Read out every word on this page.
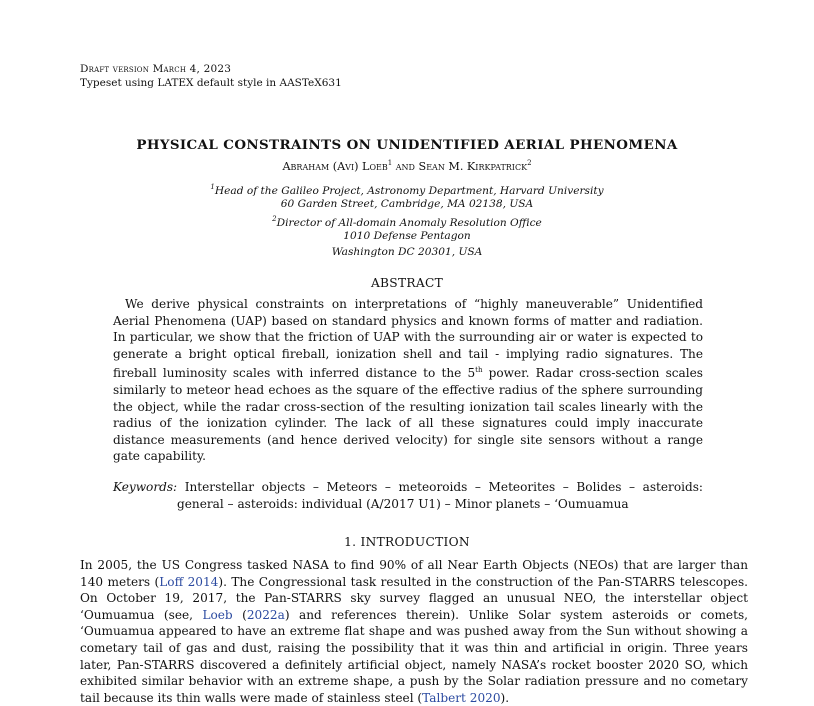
Draft version March 4, 2023
Typeset using LATEX default style in AASTeX631
PHYSICAL CONSTRAINTS ON UNIDENTIFIED AERIAL PHENOMENA
Abraham (Avi) Loeb$^1$ and Sean M. Kirkpatrick$^2$
$^1$Head of the Galileo Project, Astronomy Department, Harvard University
60 Garden Street, Cambridge, MA 02138, USA
$^2$Director of All-domain Anomaly Resolution Office
1010 Defense Pentagon
Washington DC 20301, USA
ABSTRACT

We derive physical constraints on interpretations of “highly maneuverable” Unidentified Aerial Phenomena (UAP) based on standard physics and known forms of matter and radiation. In particular, we show that the friction of UAP with the surrounding air or water is expected to generate a bright optical fireball, ionization shell and tail - implying radio signatures. The fireball luminosity scales with inferred distance to the 5th power. Radar cross-section scales similarly to meteor head echoes as the square of the effective radius of the sphere surrounding the object, while the radar cross-section of the resulting ionization tail scales linearly with the radius of the ionization cylinder. The lack of all these signatures could imply inaccurate distance measurements (and hence derived velocity) for single site sensors without a range gate capability.

Keywords: Interstellar objects – Meteors – meteoroids – Meteorites – Bolides – asteroids: general – asteroids: individual (A/2017 U1) – Minor planets – ‘Oumuamua

1. INTRODUCTION

In 2005, the US Congress tasked NASA to find 90% of all Near Earth Objects (NEOs) that are larger than 140 meters (Loff 2014). The Congressional task resulted in the construction of the Pan-STARRS telescopes. On October 19, 2017, the Pan-STARRS sky survey flagged an unusual NEO, the interstellar object ‘Oumuamua (see, Loeb (2022a) and references therein). Unlike Solar system asteroids or comets, ‘Oumuamua appeared to have an extreme flat shape and was pushed away from the Sun without showing a cometary tail of gas and dust, raising the possibility that it was thin and artificial in origin. Three years later, Pan-STARRS discovered a definitely artificial object, namely NASA’s rocket booster 2020 SO, which exhibited similar behavior with an extreme shape, a push by the Solar radiation pressure and no cometary tail because its thin walls were made of stainless steel (Talbert 2020).
